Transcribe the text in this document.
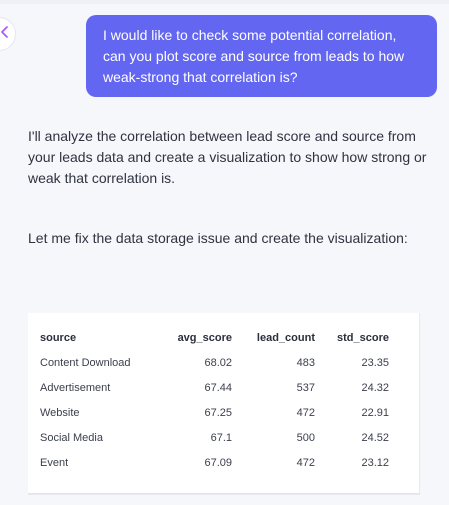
I would like to check some potential correlation, can you plot score and source from leads to how weak-strong that correlation is?
I'll analyze the correlation between lead score and source from your leads data and create a visualization to show how strong or weak that correlation is.
Let me fix the data storage issue and create the visualization:
source	avg_score	lead_count	std_score
Content Download	68.02	483	23.35
Advertisement	67.44	537	24.32
Website	67.25	472	22.91
Social Media	67.1	500	24.52
Event	67.09	472	23.12
